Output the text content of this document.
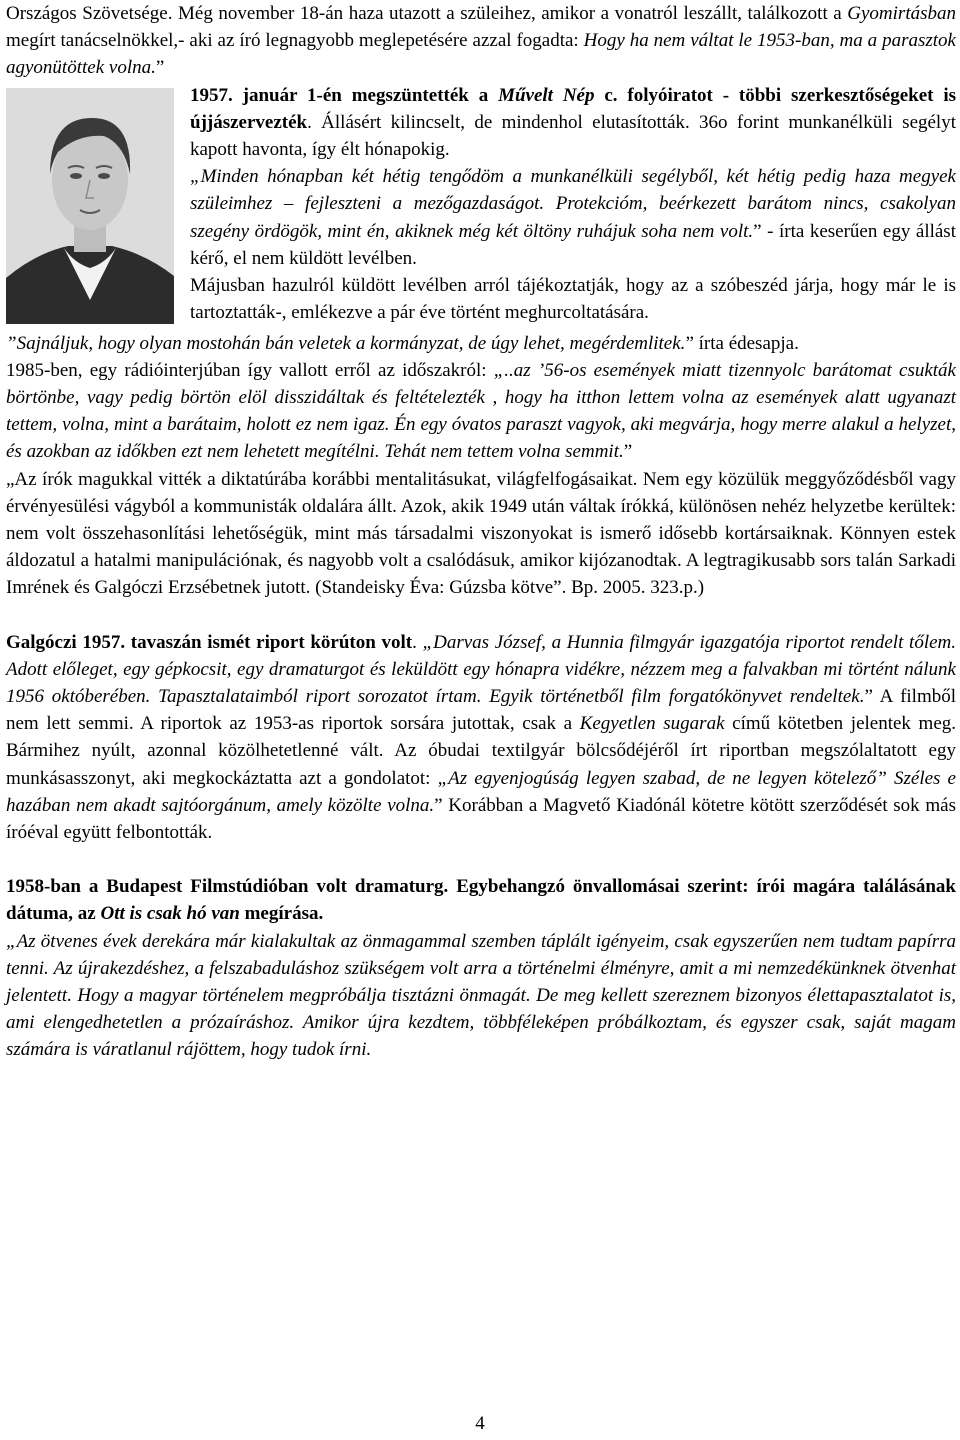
Országos Szövetsége. Még november 18-án haza utazott a szüleihez, amikor a vonatról leszállt, találkozott a Gyomirtásban megírt tanácselnökkel,- aki az író legnagyobb meglepetésére azzal fogadta: Hogy ha nem váltat le 1953-ban, ma a parasztok agyonütöttek volna.”

1957. január 1-én megszüntették a Művelt Nép c. folyóiratot - többi szerkesztőségeket is újjászervezték. Állásért kilincselt, de mindenhol elutasították. 36o forint munkanélküli segélyt kapott havonta, így élt hónapokig.

„Minden hónapban két hétig tengődöm a munkanélküli segélyből, két hétig pedig haza megyek szüleimhez – fejleszteni a mezőgazdaságot. Protekcióm, beérkezett barátom nincs, csakolyan szegény ördögök, mint én, akiknek még két öltöny ruhájuk soha nem volt.” - írta keserűen egy állást kérő, el nem küldött levélben.

Májusban hazulról küldött levélben arról tájékoztatják, hogy az a szóbeszéd járja, hogy már le is tartoztatták-, emlékezve a pár éve történt meghurcoltatására.

”Sajnáljuk, hogy olyan mostohán bán veletek a kormányzat, de úgy lehet, megérdemlitek.” írta édesapja.

1985-ben, egy rádióinterjúban így vallott erről az időszakról: „..az ’56-os események miatt tizennyolc barátomat csukták börtönbe, vagy pedig börtön elöl disszidáltak és feltételezték , hogy ha itthon lettem volna az események alatt ugyanazt tettem, volna, mint a barátaim, holott ez nem igaz. Én egy óvatos paraszt vagyok, aki megvárja, hogy merre alakul a helyzet, és azokban az időkben ezt nem lehetett megítélni. Tehát nem tettem volna semmit.”

„Az írók magukkal vitték a diktatúrába korábbi mentalitásukat, világfelfogásaikat. Nem egy közülük meggyőződésből vagy érvényesülési vágyból a kommunisták oldalára állt. Azok, akik 1949 után váltak írókká, különösen nehéz helyzetbe kerültek: nem volt összehasonlítási lehetőségük, mint más társadalmi viszonyokat is ismerő idősebb kortársaiknak. Könnyen estek áldozatul a hatalmi manipulációnak, és nagyobb volt a csalódásuk, amikor kijózanodtak. A legtragikusabb sors talán Sarkadi Imrének és Galgóczi Erzsébetnek jutott. (Standeisky Éva: Gúzsba kötve”. Bp. 2005. 323.p.)

Galgóczi 1957. tavaszán ismét riport körúton volt. „Darvas József, a Hunnia filmgyár igazgatója riportot rendelt tőlem. Adott előleget, egy gépkocsit, egy dramaturgot és leküldött egy hónapra vidékre, nézzem meg a falvakban mi történt nálunk 1956 októberében. Tapasztalataimból riport sorozatot írtam. Egyik történetből film forgatókönyvet rendeltek.” A filmből nem lett semmi. A riportok az 1953-as riportok sorsára jutottak, csak a Kegyetlen sugarak című kötetben jelentek meg. Bármihez nyúlt, azonnal közölhetetlenné vált. Az óbudai textilgyár bölcsődéjéről írt riportban megszólaltatott egy munkásasszonyt, aki megkockáztatta azt a gondolatot: „Az egyenjogúság legyen szabad, de ne legyen kötelező” Széles e hazában nem akadt sajtóorgánum, amely közölte volna.” Korábban a Magvető Kiadónál kötetre kötött szerződését sok más íróéval együtt felbontották.

1958-ban a Budapest Filmstúdióban volt dramaturg. Egybehangzó önvallomásai szerint: írói magára találásának dátuma, az Ott is csak hó van megírása.

„Az ötvenes évek derekára már kialakultak az önmagammal szemben táplált igényeim, csak egyszerűen nem tudtam papírra tenni. Az újrakezdéshez, a felszabaduláshoz szükségem volt arra a történelmi élményre, amit a mi nemzedékünknek ötvenhat jelentett. Hogy a magyar történelem megpróbálja tisztázni önmagát. De meg kellett szereznem bizonyos élettapasztalatot is, ami elengedhetetlen a prózaíráshoz. Amikor újra kezdtem, többféleképen próbálkoztam, és egyszer csak, saját magam számára is váratlanul rájöttem, hogy tudok írni.

4
